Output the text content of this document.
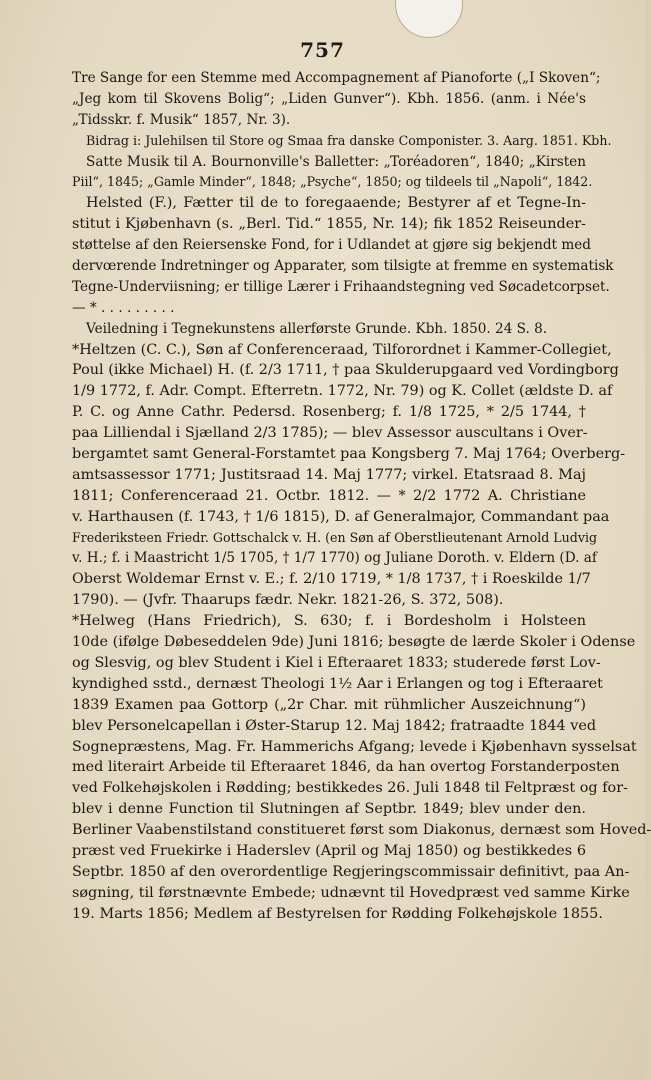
757
Tre Sange for een Stemme med Accompagnement af Pianoforte („I Skoven“;
„Jeg kom til Skovens Bolig“; „Liden Gunver“). Kbh. 1856. (anm. i Née's
„Tidsskr. f. Musik“ 1857, Nr. 3).
Bidrag i: Julehilsen til Store og Smaa fra danske Componister. 3. Aarg. 1851. Kbh.
Satte Musik til A. Bournonville's Balletter: „Toréadoren“, 1840; „Kirsten
Piil“, 1845; „Gamle Minder“, 1848; „Psyche“, 1850; og tildeels til „Napoli“, 1842.
Helsted (F.), Fætter til de to foregaaende; Bestyrer af et Tegne-In-
stitut i Kjøbenhavn (s. „Berl. Tid.“ 1855, Nr. 14); fik 1852 Reiseunder-
støttelse af den Reiersenske Fond, for i Udlandet at gjøre sig bekjendt med
dervœrende Indretninger og Apparater, som tilsigte at fremme en systematisk
Tegne-Underviisning; er tillige Lærer i Frihaandstegning ved Søcadetcorpset.
— * . . . . . . . . .
Veiledning i Tegnekunstens allerførste Grunde. Kbh. 1850. 24 S. 8.
*Heltzen (C. C.), Søn af Conferenceraad, Tilforordnet i Kammer-Collegiet,
Poul (ikke Michael) H. (f. 2/3 1711, † paa Skulderupgaard ved Vordingborg
1/9 1772, f. Adr. Compt. Efterretn. 1772, Nr. 79) og K. Collet (ældste D. af
P. C. og Anne Cathr. Pedersd. Rosenberg; f. 1/8 1725, * 2/5 1744, †
paa Lilliendal i Sjælland 2/3 1785); — blev Assessor auscultans i Over-
bergamtet samt General-Forstamtet paa Kongsberg 7. Maj 1764; Overberg-
amtsassessor 1771; Justitsraad 14. Maj 1777; virkel. Etatsraad 8. Maj
1811; Conferenceraad 21. Octbr. 1812. — * 2/2 1772 A. Christiane
v. Harthausen (f. 1743, † 1/6 1815), D. af Generalmajor, Commandant paa
Frederiksteen Friedr. Gottschalck v. H. (en Søn af Oberstlieutenant Arnold Ludvig
v. H.; f. i Maastricht 1/5 1705, † 1/7 1770) og Juliane Dorоth. v. Eldern (D. af
Oberst Woldemar Ernst v. E.; f. 2/10 1719, * 1/8 1737, † i Roeskilde 1/7
1790). — (Jvfr. Thaarups fædr. Nekr. 1821-26, S. 372, 508).
*Helweg (Hans Friedrich), S. 630; f. i Bordesholm i Holsteen
10de (ifølge Døbeseddelen 9de) Juni 1816; besøgte de lærde Skoler i Odense
og Slesvig, og blev Student i Kiel i Efteraaret 1833; studerede først Lov-
kyndighed sstd., dernæst Theologi 1½ Aar i Erlangen og tog i Efteraaret
1839 Examen paa Gottorp („2r Char. mit rühmlicher Auszeichnung“)
blev Personelcapellan i Øster-Starup 12. Maj 1842; fratraadte 1844 ved
Sognepræstens, Mag. Fr. Hammerichs Afgang; levede i Kjøbenhavn sysselsat
med literairt Arbeide til Efteraaret 1846, da han overtog Forstanderposten
ved Folkehøjskolen i Rødding; bestikkedes 26. Juli 1848 til Feltpræst og for-
blev i denne Function til Slutningen af Septbr. 1849; blev under den.
Berliner Vaabenstilstand constitueret først som Diakonus, dernæst som Hoved-
præst ved Fruekirke i Haderslev (April og Maj 1850) og bestikkedes 6
Septbr. 1850 af den overordentlige Regjeringscommissair definitivt, paa An-
søgning, til førstnævnte Embede; udnævnt til Hovedpræst ved samme Kirke
19. Marts 1856; Medlem af Bestyrelsen for Rødding Folkehøjskole 1855.
